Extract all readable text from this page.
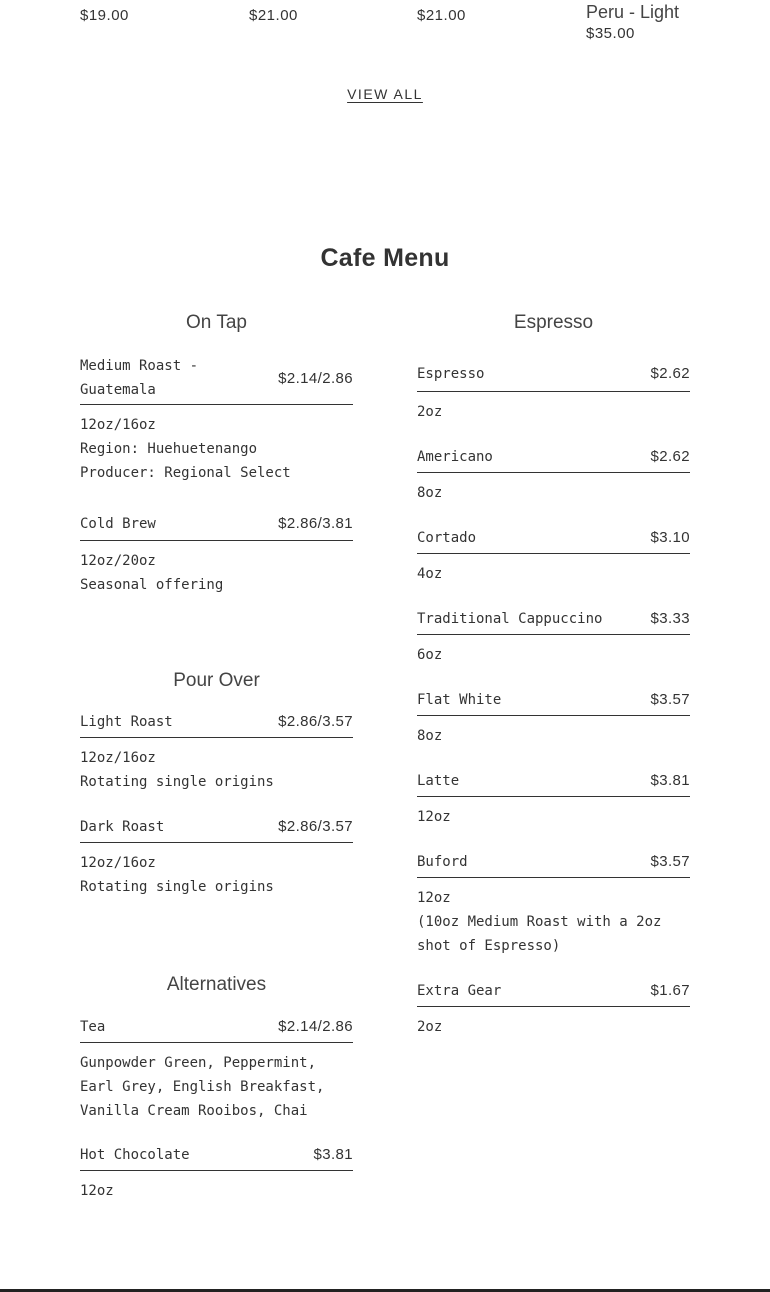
$19.00	$21.00	$21.00	Peru - Light
$35.00
VIEW ALL
Cafe Menu
On Tap
Medium Roast - Guatemala
$2.14/2.86
12oz/16oz
Region: Huehuetenango
Producer: Regional Select
Cold Brew	$2.86/3.81
12oz/20oz
Seasonal offering
Pour Over
Light Roast	$2.86/3.57
12oz/16oz
Rotating single origins
Dark Roast	$2.86/3.57
12oz/16oz
Rotating single origins
Alternatives
Tea	$2.14/2.86
Gunpowder Green, Peppermint, Earl Grey, English Breakfast, Vanilla Cream Rooibos, Chai
Hot Chocolate	$3.81
12oz
Espresso
Espresso	$2.62
2oz
Americano	$2.62
8oz
Cortado	$3.10
4oz
Traditional Cappuccino	$3.33
6oz
Flat White	$3.57
8oz
Latte	$3.81
12oz
Buford	$3.57
12oz
(10oz Medium Roast with a 2oz shot of Espresso)
Extra Gear	$1.67
2oz
